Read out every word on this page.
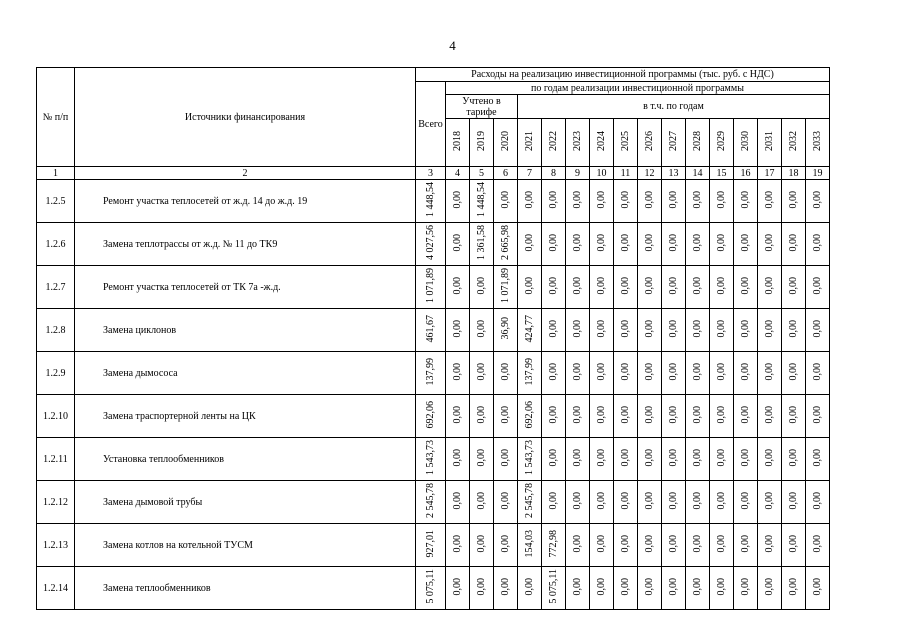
4
№ п/п	Источники финансирования	Расходы на реализацию инвестиционной программы (тыс. руб. с НДС)																
		Всего	по годам реализации инвестиционной программы															
			Учтено в тарифе			в т.ч. по годам												
			2018	2019	2020	2021	2022	2023	2024	2025	2026	2027	2028	2029	2030	2031	2032	2033
1	2	3	4	5	6	7	8	9	10	11	12	13	14	15	16	17	18	19
1.2.5	Ремонт участка теплосетей от ж.д. 14 до ж.д. 19	1 448,54	0,00	1 448,54	0,00	0,00	0,00	0,00	0,00	0,00	0,00	0,00	0,00	0,00	0,00	0,00	0,00	0,00
1.2.6	Замена теплотрассы от ж.д. № 11 до ТК9	4 027,56	0,00	1 361,58	2 665,98	0,00	0,00	0,00	0,00	0,00	0,00	0,00	0,00	0,00	0,00	0,00	0,00	0,00
1.2.7	Ремонт участка теплосетей от ТК 7а -ж.д.	1 071,89	0,00	0,00	1 071,89	0,00	0,00	0,00	0,00	0,00	0,00	0,00	0,00	0,00	0,00	0,00	0,00	0,00
1.2.8	Замена циклонов	461,67	0,00	0,00	36,90	424,77	0,00	0,00	0,00	0,00	0,00	0,00	0,00	0,00	0,00	0,00	0,00	0,00
1.2.9	Замена дымососа	137,99	0,00	0,00	0,00	137,99	0,00	0,00	0,00	0,00	0,00	0,00	0,00	0,00	0,00	0,00	0,00	0,00
1.2.10	Замена траспортерной ленты на ЦК	692,06	0,00	0,00	0,00	692,06	0,00	0,00	0,00	0,00	0,00	0,00	0,00	0,00	0,00	0,00	0,00	0,00
1.2.11	Установка теплообменников	1 543,73	0,00	0,00	0,00	1 543,73	0,00	0,00	0,00	0,00	0,00	0,00	0,00	0,00	0,00	0,00	0,00	0,00
1.2.12	Замена дымовой трубы	2 545,78	0,00	0,00	0,00	2 545,78	0,00	0,00	0,00	0,00	0,00	0,00	0,00	0,00	0,00	0,00	0,00	0,00
1.2.13	Замена котлов на котельной ТУСМ	927,01	0,00	0,00	0,00	154,03	772,98	0,00	0,00	0,00	0,00	0,00	0,00	0,00	0,00	0,00	0,00	0,00
1.2.14	Замена теплообменников	5 075,11	0,00	0,00	0,00	0,00	5 075,11	0,00	0,00	0,00	0,00	0,00	0,00	0,00	0,00	0,00	0,00	0,00
